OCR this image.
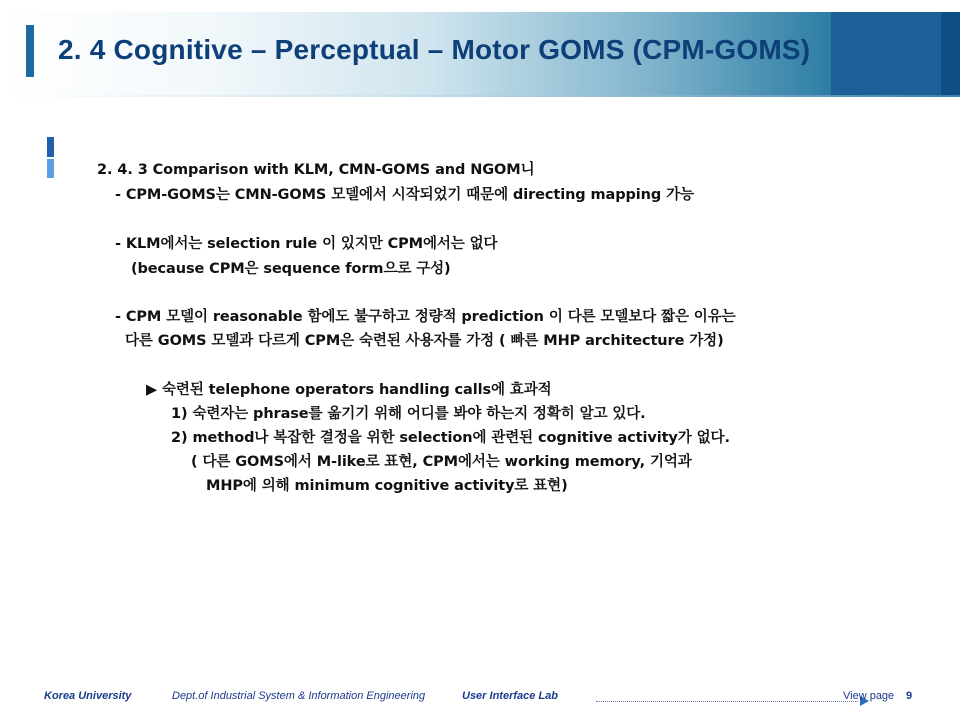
2. 4 Cognitive – Perceptual – Motor GOMS (CPM-GOMS)
2. 4. 3 Comparison with KLM, CMN-GOMS and NGOM니
- CPM-GOMS는 CMN-GOMS 모델에서 시작되었기 때문에 directing mapping 가능
- KLM에서는 selection rule 이 있지만 CPM에서는 없다
(because CPM은 sequence form으로 구성)
- CPM 모델이 reasonable 함에도 불구하고 정량적 prediction 이 다른 모델보다 짧은 이유는
다른 GOMS 모델과 다르게 CPM은 숙련된 사용자를 가정 ( 빠른 MHP architecture 가정)
▶ 숙련된 telephone operators handling calls에 효과적
1) 숙련자는 phrase를 옮기기 위해 어디를 봐야 하는지 정확히 알고 있다.
2) method나 복잡한 결정을 위한 selection에 관련된 cognitive activity가 없다.
( 다른 GOMS에서 M-like로 표현, CPM에서는 working memory, 기억과
MHP에 의해 minimum cognitive activity로 표현)
Korea University	Dept.of Industrial System & Information Engineering	User Interface Lab	View page 9
